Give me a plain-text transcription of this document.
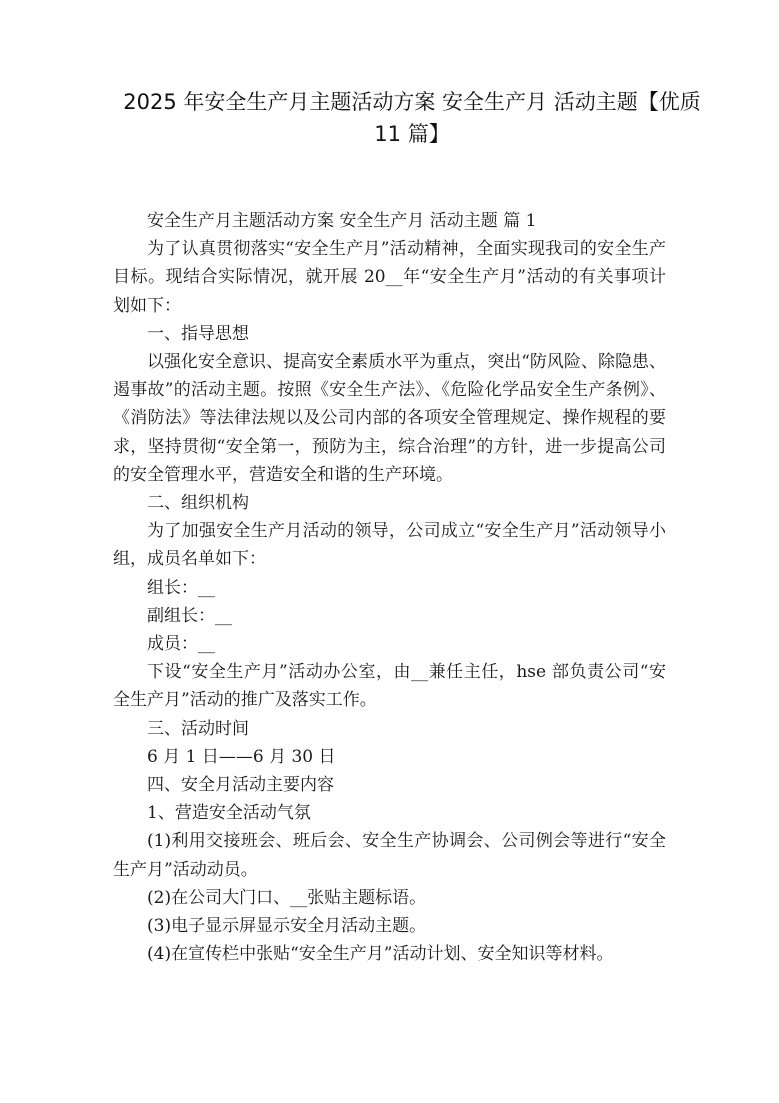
2025 年安全生产月主题活动方案 安全生产月 活动主题【优质 11 篇】

安全生产月主题活动方案 安全生产月 活动主题 篇 1

为了认真贯彻落实“安全生产月”活动精神，全面实现我司的安全生产目标。现结合实际情况，就开展 20__年“安全生产月”活动的有关事项计划如下：

一、指导思想

以强化安全意识、提高安全素质水平为重点，突出“防风险、除隐患、遏事故”的活动主题。按照《安全生产法》、《危险化学品安全生产条例》、《消防法》等法律法规以及公司内部的各项安全管理规定、操作规程的要求，坚持贯彻“安全第一，预防为主，综合治理”的方针，进一步提高公司的安全管理水平，营造安全和谐的生产环境。

二、组织机构

为了加强安全生产月活动的领导，公司成立“安全生产月”活动领导小组，成员名单如下：

组长：__

副组长：__

成员：__

下设“安全生产月”活动办公室，由__兼任主任，hse 部负责公司“安全生产月”活动的推广及落实工作。

三、活动时间

6 月 1 日——6 月 30 日

四、安全月活动主要内容

1、营造安全活动气氛

(1)利用交接班会、班后会、安全生产协调会、公司例会等进行“安全生产月”活动动员。

(2)在公司大门口、__张贴主题标语。

(3)电子显示屏显示安全月活动主题。

(4)在宣传栏中张贴“安全生产月”活动计划、安全知识等材料。
